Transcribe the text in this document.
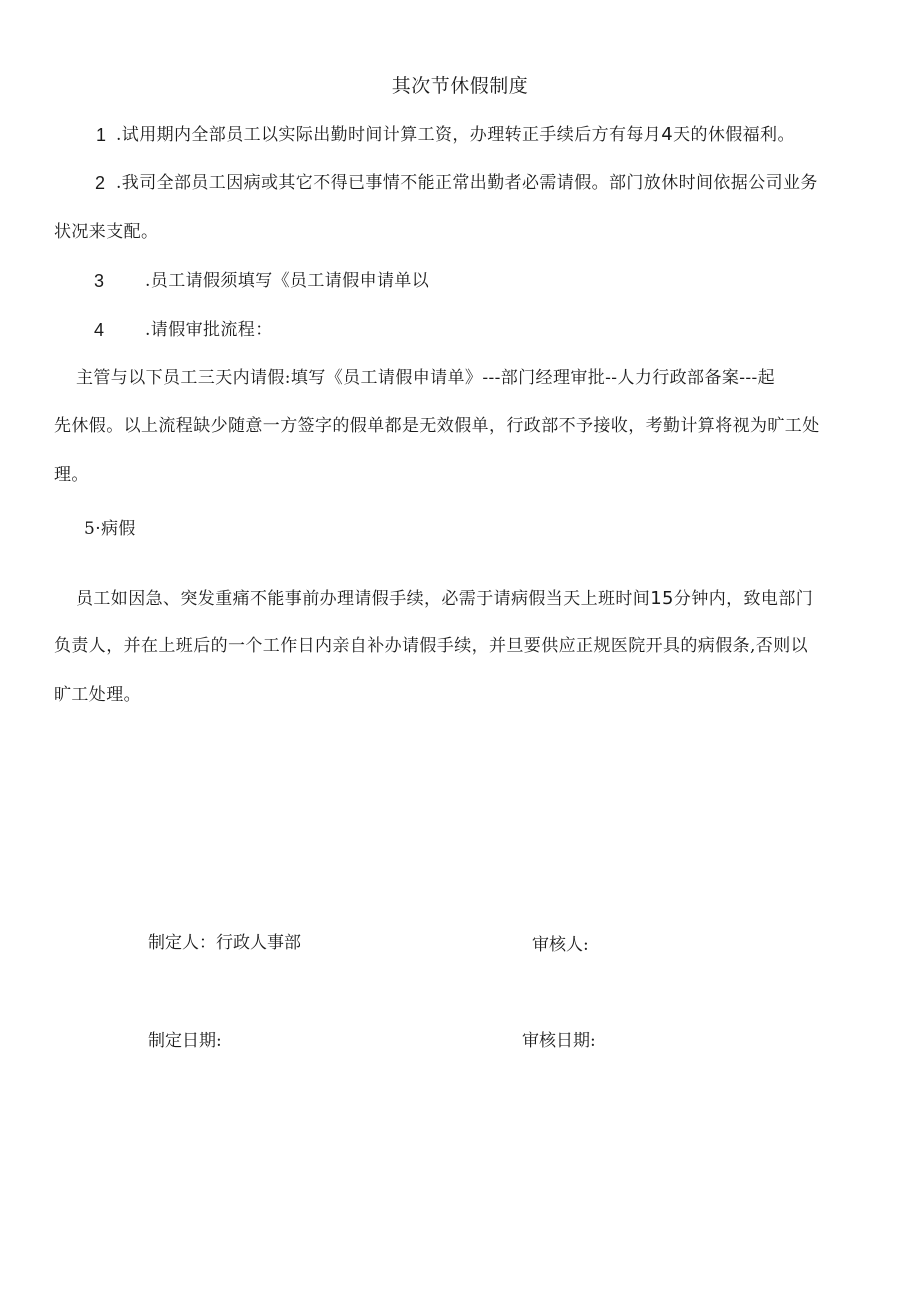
其次节休假制度
1 .试用期内全部员工以实际出勤时间计算工资，办理转正手续后方有每月4天的休假福利。
2 .我司全部员工因病或其它不得已事情不能正常出勤者必需请假。部门放休时间依据公司业务
状况来支配。
3 .员工请假须填写《员工请假申请单以
4 .请假审批流程：
主管与以下员工三天内请假:填写《员工请假申请单》---部门经理审批--人力行政部备案---起
先休假。以上流程缺少随意一方签字的假单都是无效假单，行政部不予接收，考勤计算将视为旷工处
理。
5·病假
员工如因急、突发重痛不能事前办理请假手续，必需于请病假当天上班时间15分钟内，致电部门
负责人，并在上班后的一个工作日内亲自补办请假手续，并旦要供应正规医院开具的病假条,否则以
旷工处理。
制定人：行政人事部	审核人:
制定日期:	审核日期:
